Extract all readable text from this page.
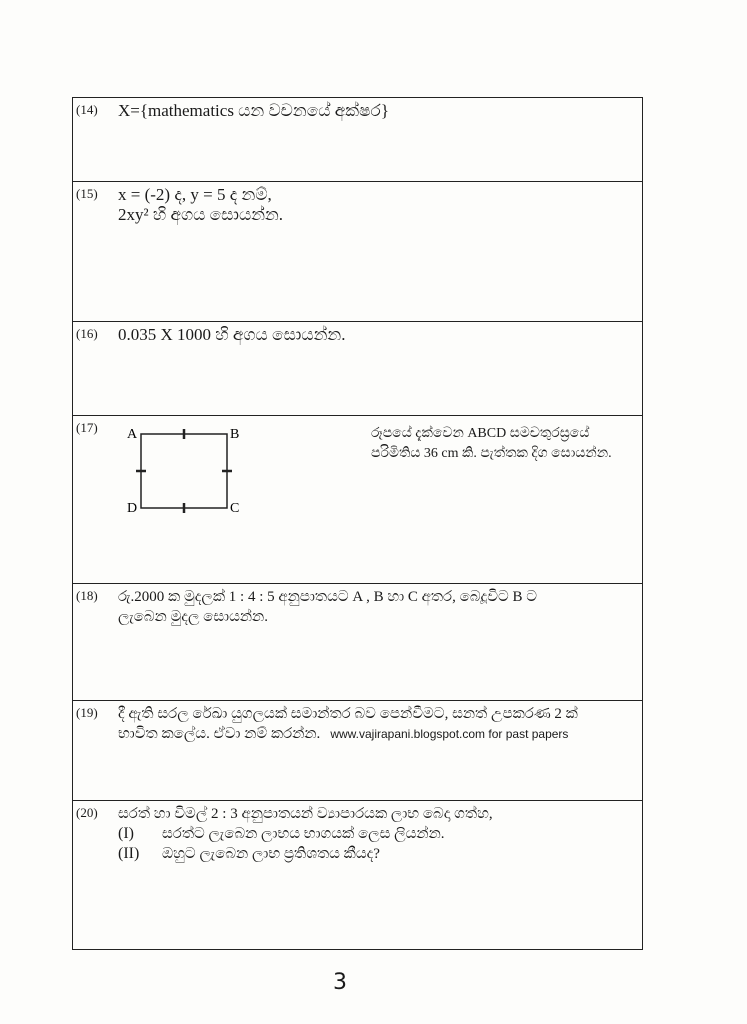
(14) X={mathematics යන වචනයේ අක්ෂර}
(15) x = (-2) ද, y = 5 ද නම්,
2xy² හි අගය සොයන්න.
(16) 0.035 X 1000 හි අගය සොයන්න.
(17) A	B
C
D
රූපයේ දැක්වෙන ABCD සමචතුරස්‍රයේ පරිමිතිය 36 cm කි. පැත්තක දිග සොයන්න.
(18) රු.2000 ක මුදලක් 1 : 4 : 5 අනුපාතයට A , B හා C අතර, බෙදූවිට B ට
ලැබෙන මුදල සොයන්න.
(19) දී ඇති සරල රේඛා යුගලයක් සමාන්තර බව පෙන්වීමට, සනත් උපකරණ 2 ක්
භාවිත කලේය. ඒවා නම් කරන්න. www.vajirapani.blogspot.com for past papers
(20) සරත් හා විමල් 2 : 3 අනුපාතයන් ව්‍යාපාරයක ලාභ බෙදා ගත්හ,
(I) සරත්ට ලැබෙන ලාභය භාගයක් ලෙස ලියන්න.
(II) ඔහුට ලැබෙන ලාභ ප්‍රතිශතය කීයද?
3
